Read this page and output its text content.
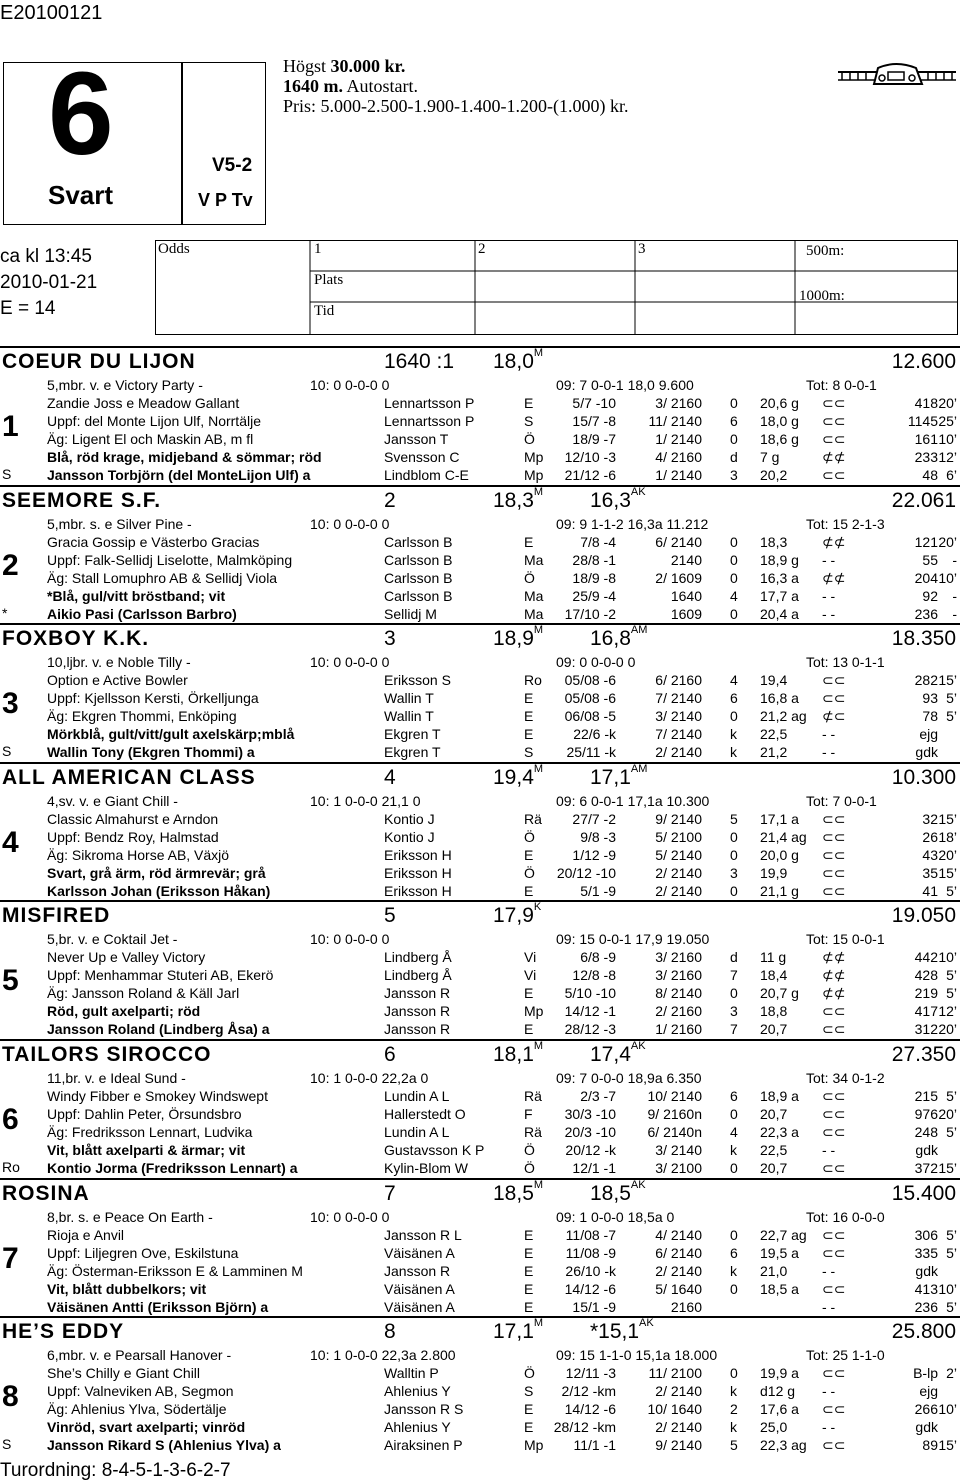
E20100121
6
Svart
V5-2
V P Tv
Högst 30.000 kr.
1640 m. Autostart.
Pris: 5.000-2.500-1.900-1.400-1.200-(1.000) kr.
ca kl 13:45
2010-01-21
E = 14
Odds	1	2	3	500m:
Plats
Tid
1000m:
COEUR DU LIJON	1640 :1 $18,0^M$	12.600
5,mbr. v. e Victory Party -	10: 0 0-0-0 0	09: 7 0-0-1 18,0 9.600	Tot: 8 0-0-1
1
S
Zandie Joss e Meadow Gallant	Lennartsson P	E	5/7 -10	3/ 2160 0 20,6 g ⊂⊂	418 20’
Uppf: del Monte Lijon Ulf, Norrtälje	Lennartsson P	S	15/7 -8 11/ 2140 6 18,0 g ⊂⊂	1145 25’
Äg: Ligent El och Maskin AB, m fl	Jansson T	Ö	18/9 -7	1/ 2140 0 18,6 g ⊂⊂	161 10’
Blå, röd krage, midjeband & sömmar; röd	Svensson C	Mp 12/10 -3	4/ 2160 d 7 g	⊄⊄	233 12’
Jansson Torbjörn (del MonteLijon Ulf) a	Lindblom C-E	Mp 21/12 -6	1/ 2140 3 20,2 ⊂⊂	48 6’
SEEMORE S.F.	2	$18,3^M$ $16,3^{AK}$	22.061
5,mbr. s. e Silver Pine -	10: 0 0-0-0 0	09: 9 1-1-2 16,3a 11.212	Tot: 15 2-1-3
2
*
Gracia Gossip e Västerbo Gracias	Carlsson B	E	7/8 -4	6/ 2140 0 18,3 ⊄⊄	121 20’
Uppf: Falk-Sellidj Liselotte, Malmköping	Carlsson B	Ma 28/8 -1	2140 0 18,9 g - -	55 -
Äg: Stall Lomuphro AB & Sellidj Viola	Carlsson B	Ö	18/9 -8	2/ 1609 0 16,3 a ⊄⊄	204 10’
*Blå, gul/vitt bröstband; vit	Carlsson B	Ma 25/9 -4	1640 4 17,7 a - -	92 -
Aikio Pasi (Carlsson Barbro)	Sellidj M	Ma 17/10 -2	1609 0 20,4 a - -	236 -
FOXBOY K.K.	3	$18,9^M$ $16,8^{AM}$	18.350
10,ljbr. v. e Noble Tilly -	10: 0 0-0-0 0	09: 0 0-0-0 0	Tot: 13 0-1-1
3
S
Option e Active Bowler	Eriksson S	Ro 05/08 -6	6/ 2160 4 19,4 ⊂⊂	282 15’
Uppf: Kjellsson Kersti, Örkelljunga	Wallin T	E 05/08 -6	7/ 2140 6 16,8 a ⊂⊂	93 5’
Äg: Ekgren Thommi, Enköping	Wallin T	E 06/08 -5	3/ 2140 0 21,2 ag ⊄⊂	78 5’
Mörkblå, gult/vitt/gult axelskärp;mblå	Ekgren T	E	22/6 -k	7/ 2140 k 22,5 - -	ejg
Wallin Tony (Ekgren Thommi) a	Ekgren T	S 25/11 -k	2/ 2140 k 21,2 - -	gdk
ALL AMERICAN CLASS	4	$19,4^M$ $17,1^{AM}$	10.300
4,sv. v. e Giant Chill -	10: 1 0-0-0 21,1 0	09: 6 0-0-1 17,1a 10.300	Tot: 7 0-0-1
4
Classic Almahurst e Arndon	Kontio J	Rä 27/7 -2	9/ 2140 5 17,1 a ⊂⊂	32 15’
Uppf: Bendz Roy, Halmstad	Kontio J	Ö	9/8 -3	5/ 2100 0 21,4 ag ⊂⊂	26 18’
Äg: Sikroma Horse AB, Växjö	Eriksson H	E	1/12 -9	5/ 2140 0 20,0 g ⊂⊂	43 20’
Svart, grå ärm, röd ärmrevär; grå	Eriksson H	Ö 20/12 -10	2/ 2140 3 19,9 ⊂⊂	35 15’
Karlsson Johan (Eriksson Håkan)	Eriksson H	E	5/1 -9	2/ 2140 0 21,1 g ⊂⊂	41 5’
MISFIRED	5	$17,9^K$	19.050
5,br. v. e Coktail Jet -	10: 0 0-0-0 0	09: 15 0-0-1 17,9 19.050	Tot: 15 0-0-1
5
Never Up e Valley Victory	Lindberg Å	Vi	6/8 -9	3/ 2160 d 11 g	⊄⊄	442 10’
Uppf: Menhammar Stuteri AB, Ekerö	Lindberg Å	Vi	12/8 -8	3/ 2160 7 18,4 ⊄⊄	428 5’
Äg: Jansson Roland & Käll Jarl	Jansson R	E 5/10 -10	8/ 2140 0 20,7 g ⊄⊄	219 5’
Röd, gult axelparti; röd	Jansson R	Mp 14/12 -1	2/ 2160 3 18,8 ⊂⊂	417 12’
Jansson Roland (Lindberg Åsa) a	Jansson R	E 28/12 -3	1/ 2160 7 20,7 ⊂⊂	312 20’
TAILORS SIROCCO	6	$18,1^M$ $17,4^{AK}$	27.350
11,br. v. e Ideal Sund -	10: 1 0-0-0 22,2a 0	09: 7 0-0-0 18,9a 6.350	Tot: 34 0-1-2
6
Ro
Windy Fibber e Smokey Windswept	Lundin A L	Rä	2/3 -7 10/ 2140 6 18,9 a ⊂⊂	215 5’
Uppf: Dahlin Peter, Örsundsbro	Hallerstedt O	F 30/3 -10 9/ 2160n 0 20,7 ⊂⊂	976 20’
Äg: Fredriksson Lennart, Ludvika	Lundin A L	Rä 20/3 -10 6/ 2140n 4 22,3 a ⊂⊂	248 5’
Vit, blått axelparti & ärmar; vit	Gustavsson K P	Ö 20/12 -k	3/ 2140 k 22,5 - -	gdk
Kontio Jorma (Fredriksson Lennart) a	Kylin-Blom W	Ö	12/1 -1	3/ 2100 0 20,7 ⊂⊂	372 15’
ROSINA	7	$18,5^M$ $18,5^{AK}$	15.400
8,br. s. e Peace On Earth -	10: 0 0-0-0 0	09: 1 0-0-0 18,5a 0	Tot: 16 0-0-0
7
Rioja e Anvil	Jansson R L	E 11/08 -7	4/ 2140 0 22,7 ag ⊂⊂	306 5’
Uppf: Liljegren Ove, Eskilstuna	Väisänen A	E 11/08 -9	6/ 2140 6 19,5 a ⊂⊂	335 5’
Äg: Österman-Eriksson E & Lamminen M	Jansson R	E 26/10 -k	2/ 2140 k 21,0 - -	gdk
Vit, blått dubbelkors; vit	Väisänen A	E 14/12 -6	5/ 1640 0 18,5 a ⊂⊂	413 10’
Väisänen Antti (Eriksson Björn) a	Väisänen A	E	15/1 -9	2160	- -	236 5’
HE’S EDDY	8	$17,1^M$ $*15,1^{AK}$	25.800
6,mbr. v. e Pearsall Hanover -	10: 1 0-0-0 22,3a 2.800	09: 15 1-1-0 15,1a 18.000	Tot: 25 1-1-0
8
S
She’s Chilly e Giant Chill	Walltin P	Ö 12/11 -3 11/ 2100 0 19,9 a ⊂⊂	B-lp 2’
Uppf: Valneviken AB, Segmon	Ahlenius Y	S 2/12 -km	2/ 2140 k d12 g - -	ejg
Äg: Ahlenius Ylva, Södertälje	Jansson R S	E 14/12 -6 10/ 1640 2 17,6 a ⊂⊂	266 10’
Vinröd, svart axelparti; vinröd	Ahlenius Y	E 28/12 -km	2/ 2140 k 25,0 - -	gdk
Jansson Rikard S (Ahlenius Ylva) a	Airaksinen P	Mp 11/1 -1	9/ 2140 5 22,3 ag ⊂⊂	89 15’
Turordning: 8-4-5-1-3-6-2-7
